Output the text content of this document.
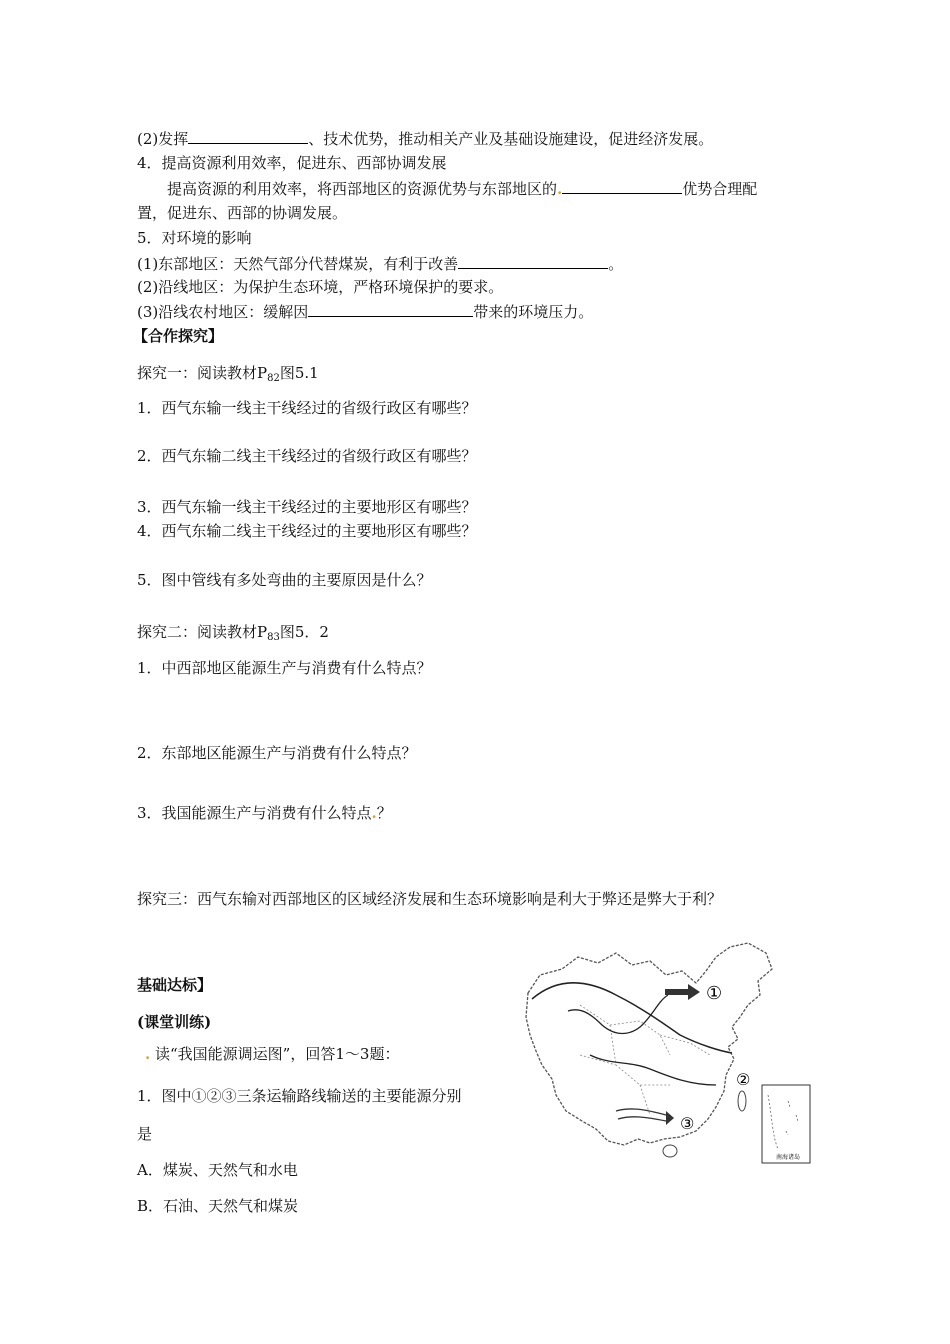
(2)发挥	、技术优势，推动相关产业及基础设施建设，促进经济发展。
4．提高资源利用效率，促进东、西部协调发展
提高资源的利用效率，将西部地区的资源优势与东部地区的.	优势合理配
置，促进东、西部的协调发展。
5．对环境的影响
(1)东部地区：天然气部分代替煤炭，有利于改善	。
(2)沿线地区：为保护生态环境，严格环境保护的要求。
(3)沿线农村地区：缓解因	带来的环境压力。
【合作探究】
探究一：阅读教材$P_{82}$图5.1
1．西气东输一线主干线经过的省级行政区有哪些？
2．西气东输二线主干线经过的省级行政区有哪些？
3．西气东输一线主干线经过的主要地形区有哪些？
4．西气东输二线主干线经过的主要地形区有哪些？
5．图中管线有多处弯曲的主要原因是什么？
探究二：阅读教材$P_{83}$图5．2
1．中西部地区能源生产与消费有什么特点？
2．东部地区能源生产与消费有什么特点？
3．我国能源生产与消费有什么特点.？
探究三：西气东输对西部地区的区域经济发展和生态环境影响是利大于弊还是弊大于利？
基础达标】
(课堂训练)
. 读“我国能源调运图”，回答1～3题：
1．图中①②③三条运输路线输送的主要能源分别
是
A．煤炭、天然气和水电
B．石油、天然气和煤炭
①
②
③
南海诸岛
